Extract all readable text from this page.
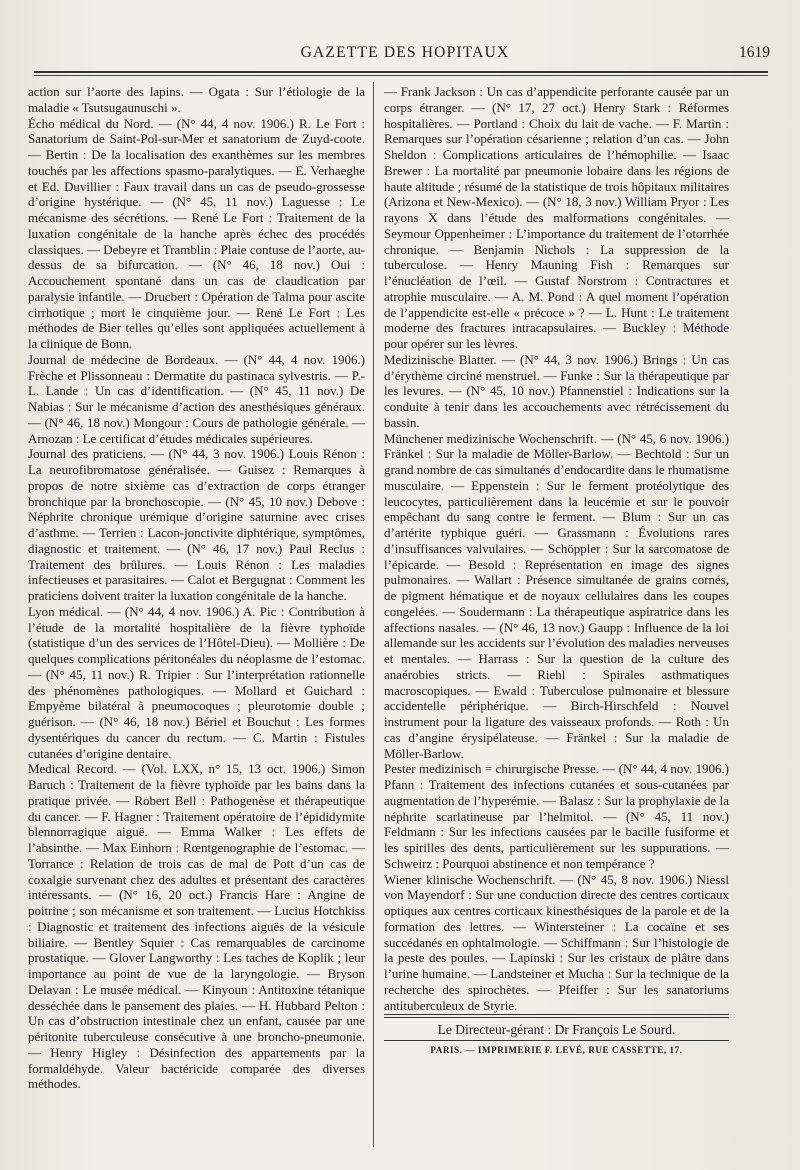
GAZETTE DES HOPITAUX	1619

action sur l’aorte des lapins. — Ogata : Sur l’étiologie de la maladie « Tsutsugaunuschi ».

Écho médical du Nord. — (N° 44, 4 nov. 1906.) R. Le Fort : Sanatorium de Saint-Pol-sur-Mer et sanatorium de Zuyd-coote. — Bertin : De la localisation des exanthèmes sur les membres touchés par les affections spasmo-paralytiques. — E. Verhaeghe et Ed. Duvillier : Faux travail dans un cas de pseudo-grossesse d’origine hystérique. — (N° 45, 11 nov.) Laguesse : Le mécanisme des sécrétions. — René Le Fort : Traitement de la luxation congénitale de la hanche après échec des procédés classiques. — Debeyre et Tramblin : Plaie contuse de l’aorte, au-dessus de sa bifurcation. — (N° 46, 18 nov.) Oui : Accouchement spontané dans un cas de claudication par paralysie infantile. — Drucbert : Opération de Talma pour ascite cirrhotique ; mort le cinquième jour. — René Le Fort : Les méthodes de Bier telles qu’elles sont appliquées actuellement à la clinique de Bonn.

Journal de médecine de Bordeaux. — (N° 44, 4 nov. 1906.) Frèche et Plissonneau : Dermatite du pastinaca sylvestris. — P.-L. Lande : Un cas d’identification. — (N° 45, 11 nov.) De Nabias : Sur le mécanisme d’action des anesthésiques généraux. — (N° 46, 18 nov.) Mongour : Cours de pathologie générale. — Arnozan : Le certificat d’études médicales supérieures.

Journal des praticiens. — (N° 44, 3 nov. 1906.) Louis Rénon : La neurofibromatose généralisée. — Guisez : Remarques à propos de notre sixième cas d’extraction de corps étranger bronchique par la bronchoscopie. — (N° 45, 10 nov.) Debove : Néphrite chronique urémique d’origine saturnine avec crises d’asthme. — Terrien : Lacon-jonctivite diphtérique, symptômes, diagnostic et traitement. — (N° 46, 17 nov.) Paul Reclus : Traitement des brûlures. — Louis Rénon : Les maladies infectieuses et parasitaires. — Calot et Bergugnat : Comment les praticiens doivent traiter la luxation congénitale de la hanche.

Lyon médical. — (N° 44, 4 nov. 1906.) A. Pic : Contribution à l’étude de la mortalité hospitalière de la fièvre typhoïde (statistique d’un des services de l’Hôtel-Dieu). — Mollière : De quelques complications péritonéales du néoplasme de l’estomac. — (N° 45, 11 nov.) R. Tripier : Sur l’interprétation rationnelle des phénomènes pathologiques. — Mollard et Guichard : Empyème bilatéral à pneumocoques ; pleurotomie double ; guérison. — (N° 46, 18 nov.) Bériel et Bouchut : Les formes dysentériques du cancer du rectum. — C. Martin : Fistules cutanées d’origine dentaire.

Medical Record. — (Vol. LXX, n° 15, 13 oct. 1906.) Simon Baruch : Traitement de la fièvre typhoïde par les bains dans la pratique privée. — Robert Bell : Pathogenèse et thérapeutique du cancer. — F. Hagner : Traitement opératoire de l’épididymite blennorragique aiguë. — Emma Walker : Les effets de l’absinthe. — Max Einhorn : Rœntgenographie de l’estomac. — Torrance : Relation de trois cas de mal de Pott d’un cas de coxalgie survenant chez des adultes et présentant des caractères intéressants. — (N° 16, 20 oct.) Francis Hare : Angine de poitrine ; son mécanisme et son traitement. — Lucius Hotchkiss : Diagnostic et traitement des infections aiguës de la vésicule biliaire. — Bentley Squier : Cas remarquables de carcinome prostatique. — Glover Langworthy : Les taches de Koplik ; leur importance au point de vue de la laryngologie. — Bryson Delavan : Le musée médical. — Kinyoun : Antitoxine tétanique desséchée dans le pansement des plaies. — H. Hubbard Pelton : Un cas d’obstruction intestinale chez un enfant, causée par une péritonite tuberculeuse consécutive à une broncho-pneumonie. — Henry Higley : Désinfection des appartements par la formaldéhyde. Valeur bactéricide comparée des diverses méthodes.

— Frank Jackson : Un cas d’appendicite perforante causée par un corps étranger. — (N° 17, 27 oct.) Henry Stark : Réformes hospitalières. — Portland : Choix du lait de vache. — F. Martin : Remarques sur l’opération césarienne ; relation d’un cas. — John Sheldon : Complications articulaires de l’hémophilie. — Isaac Brewer : La mortalité par pneumonie lobaire dans les régions de haute altitude ; résumé de la statistique de trois hôpitaux militaires (Arizona et New-Mexico). — (N° 18, 3 nov.) William Pryor : Les rayons X dans l’étude des malformations congénitales. — Seymour Oppenheimer : L’importance du traitement de l’otorrhée chronique. — Benjamin Nichols : La suppression de la tuberculose. — Henry Mauning Fish : Remarques sur l’énucléation de l’œil. — Gustaf Norstrom : Contractures et atrophie musculaire. — A. M. Pond : A quel moment l’opération de l’appendicite est-elle « précoce » ? — L. Hunt : Le traitement moderne des fractures intracapsulaires. — Buckley : Méthode pour opérer sur les lèvres.

Medizinische Blatter. — (N° 44, 3 nov. 1906.) Brings : Un cas d’érythème circiné menstruel. — Funke : Sur la thérapeutique par les levures. — (N° 45, 10 nov.) Pfannenstiel : Indications sur la conduite à tenir dans les accouchements avec rétrécissement du bassin.

Münchener medizinische Wochenschrift. — (N° 45, 6 nov. 1906.) Fränkel : Sur la maladie de Möller-Barlow. — Bechtold : Sur un grand nombre de cas simultanés d’endocardite dans le rhumatisme musculaire. — Eppenstein : Sur le ferment protéolytique des leucocytes, particulièrement dans la leucémie et sur le pouvoir empêchant du sang contre le ferment. — Blum : Sur un cas d’artérite typhique guéri. — Grassmann : Évolutions rares d’insuffisances valvulaires. — Schöppler : Sur la sarcomatose de l’épicarde. — Besold : Représentation en image des signes pulmonaires. — Wallart : Présence simultanée de grains cornés, de pigment hématique et de noyaux cellulaires dans les coupes congelées. — Soudermann : La thérapeutique aspiratrice dans les affections nasales. — (N° 46, 13 nov.) Gaupp : Influence de la loi allemande sur les accidents sur l’évolution des maladies nerveuses et mentales. — Harrass : Sur la question de la culture des anaérobies stricts. — Riehl : Spirales asthmatiques macroscopiques. — Ewald : Tuberculose pulmonaire et blessure accidentelle périphérique. — Birch-Hirschfeld : Nouvel instrument pour la ligature des vaisseaux profonds. — Roth : Un cas d’angine érysipélateuse. — Fränkel : Sur la maladie de Möller-Barlow.

Pester medizinisch = chirurgische Presse. — (N° 44, 4 nov. 1906.) Pfann : Traitement des infections cutanées et sous-cutanées par augmentation de l’hyperémie. — Balasz : Sur la prophylaxie de la néphrite scarlatineuse par l’helmitol. — (N° 45, 11 nov.) Feldmann : Sur les infections causées par le bacille fusiforme et les spirilles des dents, particulièrement sur les suppurations. — Schweirz : Pourquoi abstinence et non tempérance ?

Wiener klinische Wochenschrift. — (N° 45, 8 nov. 1906.) Niessl von Mayendorf : Sur une conduction directe des centres corticaux optiques aux centres corticaux kinesthésiques de la parole et de la formation des lettres. — Wintersteiner : La cocaïne et ses succédanés en ophtalmologie. — Schiffmann : Sur l’histologie de la peste des poules. — Lapinski : Sur les cristaux de plâtre dans l’urine humaine. — Landsteiner et Mucha : Sur la technique de la recherche des spirochètes. — Pfeiffer : Sur les sanatoriums antituberculeux de Styrie.

Le Directeur-gérant : Dr François Le Sourd.
PARIS. — IMPRIMERIE F. LEVÉ, RUE CASSETTE, 17.
